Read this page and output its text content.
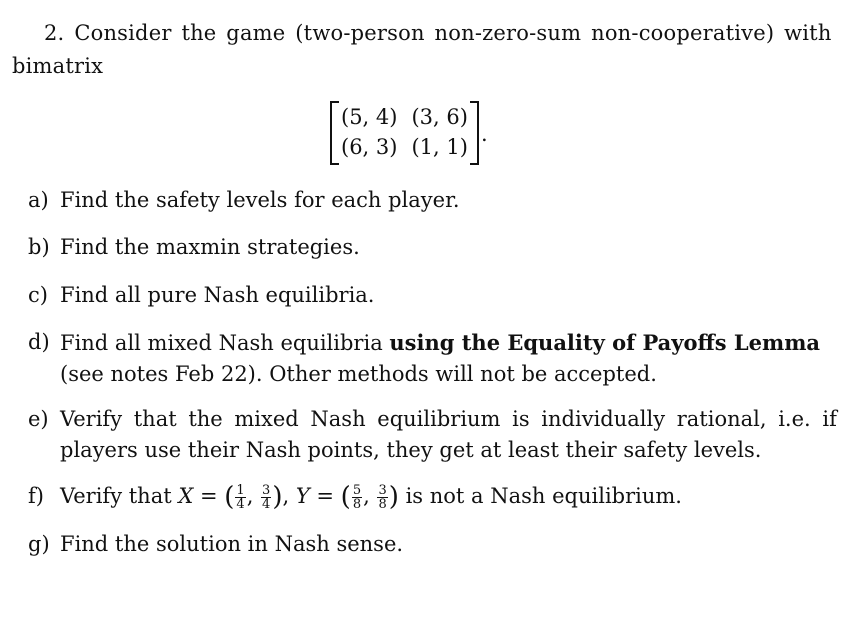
2. Consider the game (two-person non-zero-sum non-cooperative) with
bimatrix
(5, 4) (3, 6)
(6, 3) (1, 1)
.
a) Find the safety levels for each player.
b) Find the maxmin strategies.
c) Find all pure Nash equilibria.
d) Find all mixed Nash equilibria using the Equality of Payoffs Lemma
(see notes Feb 22). Other methods will not be accepted.
e) Verify that the mixed Nash equilibrium is individually rational, i.e. if
players use their Nash points, they get at least their safety levels.
f) Verify that X = ( $\frac{1}{4}$ , $\frac{3}{4}$ ), Y = ( $\frac{5}{8}$ , $\frac{3}{8}$ ) is not a Nash equilibrium.
g) Find the solution in Nash sense.
